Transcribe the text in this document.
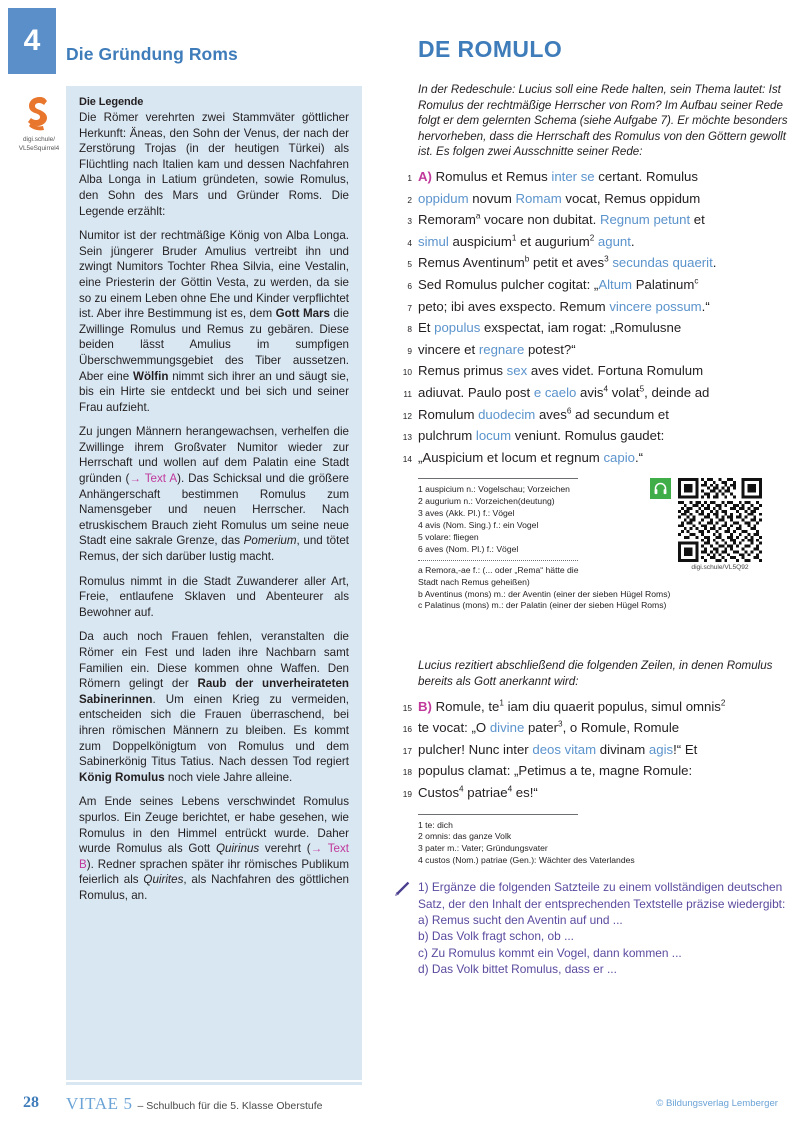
4	Die Gründung Roms	DE ROMULO
digi.schule/
VL5eSquirrel4
Die Legende

Die Römer verehrten zwei Stammväter göttlicher Herkunft: Äneas, den Sohn der Venus, der nach der Zerstörung Trojas (in der heutigen Türkei) als Flüchtling nach Italien kam und dessen Nachfahren Alba Longa in Latium gründeten, sowie Romulus, den Sohn des Mars und Gründer Roms. Die Legende erzählt:

Numitor ist der rechtmäßige König von Alba Longa. Sein jüngerer Bruder Amulius vertreibt ihn und zwingt Numitors Tochter Rhea Silvia, eine Vestalin, eine Priesterin der Göttin Vesta, zu werden, da sie so zu einem Leben ohne Ehe und Kinder verpflichtet ist. Aber ihre Bestimmung ist es, dem Gott Mars die Zwillinge Romulus und Remus zu gebären. Diese beiden lässt Amulius im sumpfigen Überschwemmungsgebiet des Tiber aussetzen. Aber eine Wölfin nimmt sich ihrer an und säugt sie, bis ein Hirte sie entdeckt und bei sich und seiner Frau aufzieht.

Zu jungen Männern herangewachsen, verhelfen die Zwillinge ihrem Großvater Numitor wieder zur Herrschaft und wollen auf dem Palatin eine Stadt gründen (→ Text A). Das Schicksal und die größere Anhängerschaft bestimmen Romulus zum Namensgeber und neuen Herrscher. Nach etruskischem Brauch zieht Romulus um seine neue Stadt eine sakrale Grenze, das Pomerium, und tötet Remus, der sich darüber lustig macht.

Romulus nimmt in die Stadt Zuwanderer aller Art, Freie, entlaufene Sklaven und Abenteurer als Bewohner auf.

Da auch noch Frauen fehlen, veranstalten die Römer ein Fest und laden ihre Nachbarn samt Familien ein. Diese kommen ohne Waffen. Den Römern gelingt der Raub der unverheirateten Sabinerinnen. Um einen Krieg zu vermeiden, entscheiden sich die Frauen überraschend, bei ihren römischen Männern zu bleiben. Es kommt zum Doppelkönigtum von Romulus und dem Sabinerkönig Titus Tatius. Nach dessen Tod regiert König Romulus noch viele Jahre alleine.

Am Ende seines Lebens verschwindet Romulus spurlos. Ein Zeuge berichtet, er habe gesehen, wie Romulus in den Himmel entrückt wurde. Daher wurde Romulus als Gott Quirinus verehrt (→ Text B). Redner sprachen später ihr römisches Publikum feierlich als Quirites, als Nachfahren des göttlichen Romulus, an.

In der Redeschule: Lucius soll eine Rede halten, sein Thema lautet: Ist Romulus der rechtmäßige Herrscher von Rom? Im Aufbau seiner Rede folgt er dem gelernten Schema (siehe Aufgabe 7). Er möchte besonders hervorheben, dass die Herrschaft des Romulus von den Göttern gewollt ist. Es folgen zwei Ausschnitte seiner Rede:

1 A) Romulus et Remus inter se certant. Romulus
2 oppidum novum Romam vocat, Remus oppidum
3 Remoram$^a$ vocare non dubitat. Regnum petunt et
4 simul auspicium$^1$ et augurium$^2$ agunt.
5 Remus Aventinum$^b$ petit et aves$^3$ secundas quaerit.
6 Sed Romulus pulcher cogitat: „Altum Palatinum$^c$
7 peto; ibi aves exspecto. Remum vincere possum.“
8 Et populus exspectat, iam rogat: „Romulusne
9 vincere et regnare potest?“
10 Remus primus sex aves videt. Fortuna Romulum
11 adiuvat. Paulo post e caelo avis$^4$ volat$^5$, deinde ad
12 Romulum duodecim aves$^6$ ad secundum et
13 pulchrum locum veniunt. Romulus gaudet:
14 „Auspicium et locum et regnum capio.“
1 auspicium n.: Vogelschau; Vorzeichen
2 augurium n.: Vorzeichen(deutung)
3 aves (Akk. Pl.) f.: Vögel
4 avis (Nom. Sing.) f.: ein Vogel
5 volare: fliegen
6 aves (Nom. Pl.) f.: Vögel
a Remora,-ae f.: (... oder „Rema“ hätte die
Stadt nach Remus geheißen)
b Aventinus (mons) m.: der Aventin (einer der sieben Hügel Roms)
c Palatinus (mons) m.: der Palatin (einer der sieben Hügel Roms)
digi.schule/VL5Q92

Lucius rezitiert abschließend die folgenden Zeilen, in denen Romulus bereits als Gott anerkannt wird:

15 B) Romule, $te^1$ iam diu quaerit populus, simul omnis$^2$
16 te vocat: „O divine pater$^3$, o Romule, Romule
17 pulcher! Nunc inter deos vitam divinam agis!“ Et
18 populus clamat: „Petimus a te, magne Romule:
19 Custos$^4$ patriae$^4$ es!“
1 te: dich
2 omnis: das ganze Volk
3 pater m.: Vater; Gründungsvater
4 custos (Nom.) patriae (Gen.): Wächter des Vaterlandes

1) Ergänze die folgenden Satzteile zu einem vollständigen deutschen Satz, der den Inhalt der entsprechenden Textstelle präzise wiedergibt:

a) Remus sucht den Aventin auf und ...

b) Das Volk fragt schon, ob ...

c) Zu Romulus kommt ein Vogel, dann kommen ...

d) Das Volk bittet Romulus, dass er ...

28 VITAE 5 – Schulbuch für die 5. Klasse Oberstufe	© Bildungsverlag Lemberger
